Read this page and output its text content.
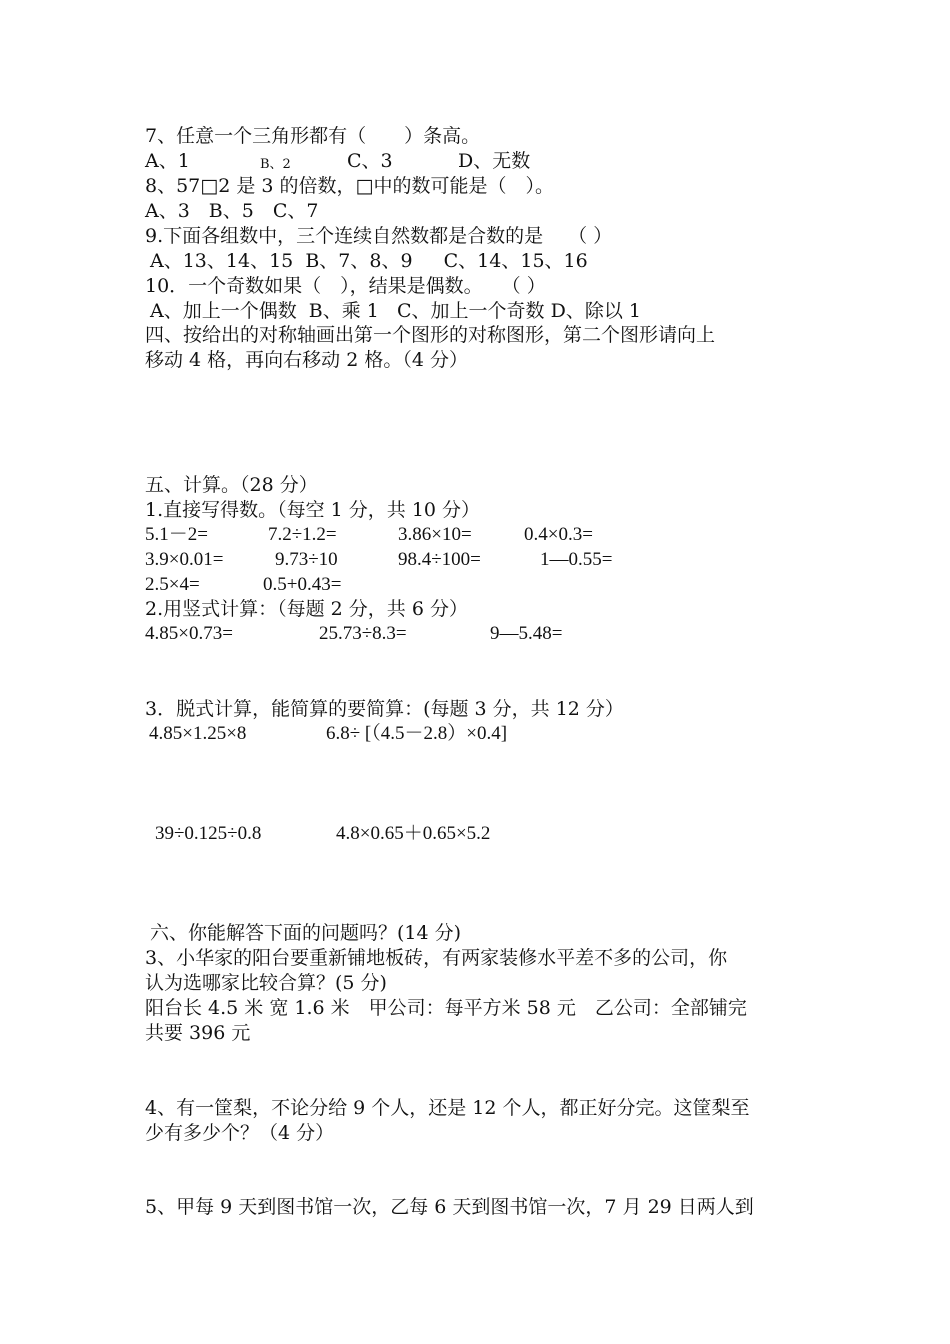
7、任意一个三角形都有（　　）条高。
A、1	B、2	C、3	D、无数
8、57□2 是 3 的倍数，□中的数可能是（　）。
A、3　B、5　C、7
9.下面各组数中，三个连续自然数都是合数的是　 （ ）
A、13、14、15  B、7、8、9　  C、14、15、16
10．一个奇数如果（　），结果是偶数。　　（ ）
A、加上一个偶数  B、乘 1   C、加上一个奇数 D、除以 1
四、按给出的对称轴画出第一个图形的对称图形，第二个图形请向上
移动 4 格，再向右移动 2 格。（4 分）
五、计算。（28 分）
1.直接写得数。（每空 1 分，共 10 分）
5.1－2=	7.2÷1.2=	3.86×10=	0.4×0.3=
3.9×0.01=	9.73÷10	98.4÷100=	1—0.55=
2.5×4=	0.5+0.43=
2.用竖式计算：（每题 2 分，共 6 分）
4.85×0.73=	25.73÷8.3=	9—5.48=
3．脱式计算，能简算的要简算：(每题 3 分，共 12 分）
4.85×1.25×8	6.8÷ [（4.5－2.8）×0.4]
39÷0.125÷0.8	4.8×0.65＋0.65×5.2
六、你能解答下面的问题吗？(14 分)
3、小华家的阳台要重新铺地板砖，有两家装修水平差不多的公司，你
认为选哪家比较合算？(5 分)
阳台长 4.5 米 宽 1.6 米　甲公司：每平方米 58 元　乙公司：全部铺完
共要 396 元
4、有一筐梨，不论分给 9 个人，还是 12 个人，都正好分完。这筐梨至
少有多少个？（4 分）
5、甲每 9 天到图书馆一次，乙每 6 天到图书馆一次，7 月 29 日两人到
